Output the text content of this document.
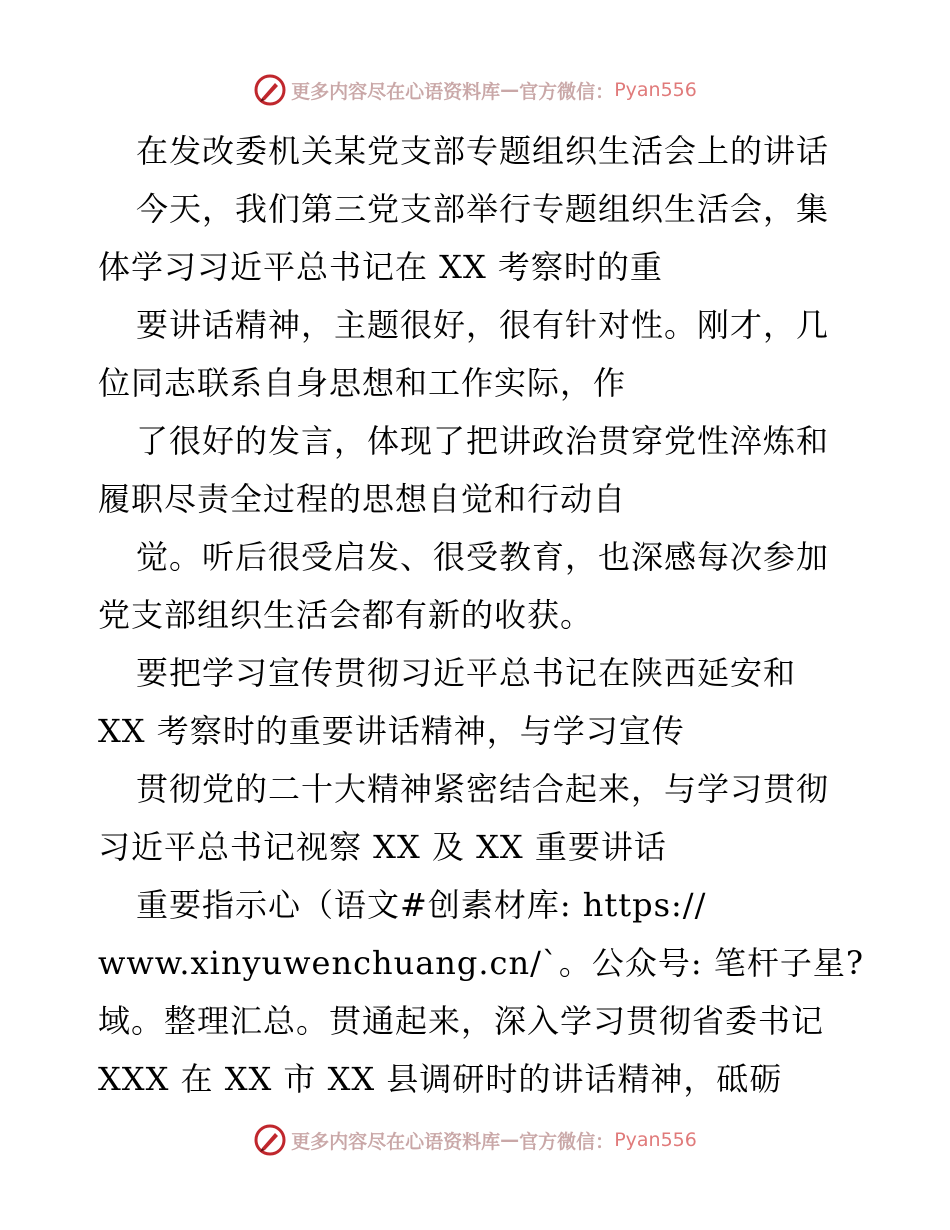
更多内容尽在心语资料库 — 官方微信： Pyan556
在发改委机关某党支部专题组织生活会上的讲话
今天，我们第三党支部举行专题组织生活会，集
体学习习近平总书记在 XX 考察时的重
要讲话精神，主题很好，很有针对性。刚才，几
位同志联系自身思想和工作实际，作
了很好的发言，体现了把讲政治贯穿党性淬炼和
履职尽责全过程的思想自觉和行动自
觉。听后很受启发、很受教育，也深感每次参加
党支部组织生活会都有新的收获。
要把学习宣传贯彻习近平总书记在陕西延安和
XX 考察时的重要讲话精神，与学习宣传
贯彻党的二十大精神紧密结合起来，与学习贯彻
习近平总书记视察 XX 及 XX 重要讲话
重要指示心（语文#创素材库: https://
www.xinyuwenchuang.cn/`。公众号: 笔杆子星?
域。整理汇总。贯通起来，深入学习贯彻省委书记
XXX 在 XX 市 XX 县调研时的讲话精神，砥砺
更多内容尽在心语资料库 — 官方微信： Pyan556
